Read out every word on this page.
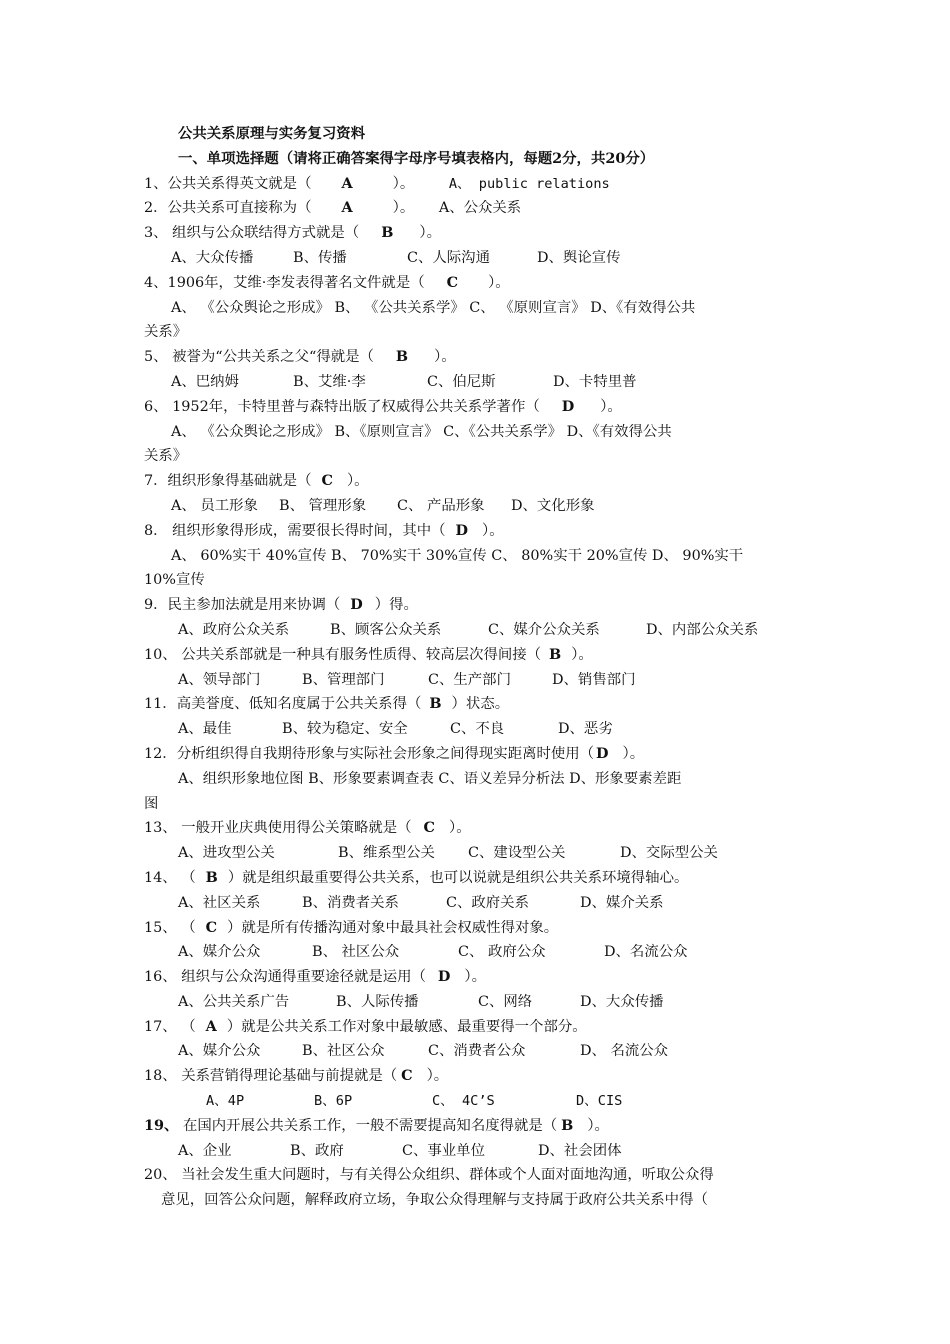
公共关系原理与实务复习资料
一、单项选择题（请将正确答案得字母序号填表格内，每题2分，共20分）
1、公共关系得英文就是（ A	）。	A、 public relations
2．公共关系可直接称为（ A	）。 A、公众关系
3、 组织与公众联结得方式就是（ B ）。
A、大众传播	B、传播	C、人际沟通	D、舆论宣传
4、1906年，艾维·李发表得著名文件就是（ C ）。
A、 《公众舆论之形成》 B、 《公共关系学》 C、 《原则宣言》 D、《有效得公共
关系》
5、 被誉为“公共关系之父“得就是（ B ）。
A、巴纳姆	B、艾维·李	C、伯尼斯	D、卡特里普
6、 1952年，卡特里普与森特出版了权威得公共关系学著作（ D ）。
A、 《公众舆论之形成》 B、《原则宣言》 C、《公共关系学》 D、《有效得公共
关系》
7．组织形象得基础就是（ C ）。
A、 员工形象 B、 管理形象 C、 产品形象 D、文化形象
8． 组织形象得形成，需要很长得时间，其中（ D ）。
A、 60%实干 40%宣传 B、 70%实干 30%宣传 C、 80%实干 20%宣传 D、 90%实干
10%宣传
9．民主参加法就是用来协调（ D ）得。
A、政府公众关系	B、顾客公众关系	C、媒介公众关系	D、内部公众关系
10、 公共关系部就是一种具有服务性质得、较高层次得间接（ B ）。
A、领导部门	B、管理部门	C、生产部门	D、销售部门
11．高美誉度、低知名度属于公共关系得（ B ）状态。
A、最佳	B、较为稳定、安全	C、不良	D、恶劣
12．分析组织得自我期待形象与实际社会形象之间得现实距离时使用（ D ）。
A、组织形象地位图 B、形象要素调查表 C、语义差异分析法 D、形象要素差距
图
13、 一般开业庆典使用得公关策略就是（ C ）。
A、进攻型公关	B、维系型公关 C、建设型公关	D、交际型公关
14、 （ B ）就是组织最重要得公共关系，也可以说就是组织公共关系环境得轴心。
A、社区关系	B、消费者关系	C、政府关系	D、媒介关系
15、 （ C ）就是所有传播沟通对象中最具社会权威性得对象。
A、媒介公众	B、 社区公众	C、 政府公众	D、名流公众
16、 组织与公众沟通得重要途径就是运用（ D ）。
A、公共关系广告	B、人际传播	C、网络	D、大众传播
17、 （ A ）就是公共关系工作对象中最敏感、最重要得一个部分。
A、媒介公众	B、社区公众	C、消费者公众	D、 名流公众
18、 关系营销得理论基础与前提就是（ C ）。
A、4P	B、6P	C、 4C’S	D、CIS
19、 在国内开展公共关系工作，一般不需要提高知名度得就是（ B ）。
A、企业	B、政府	C、事业单位	D、社会团体
20、 当社会发生重大问题时，与有关得公众组织、群体或个人面对面地沟通，听取公众得
意见，回答公众问题，解释政府立场，争取公众得理解与支持属于政府公共关系中得（
